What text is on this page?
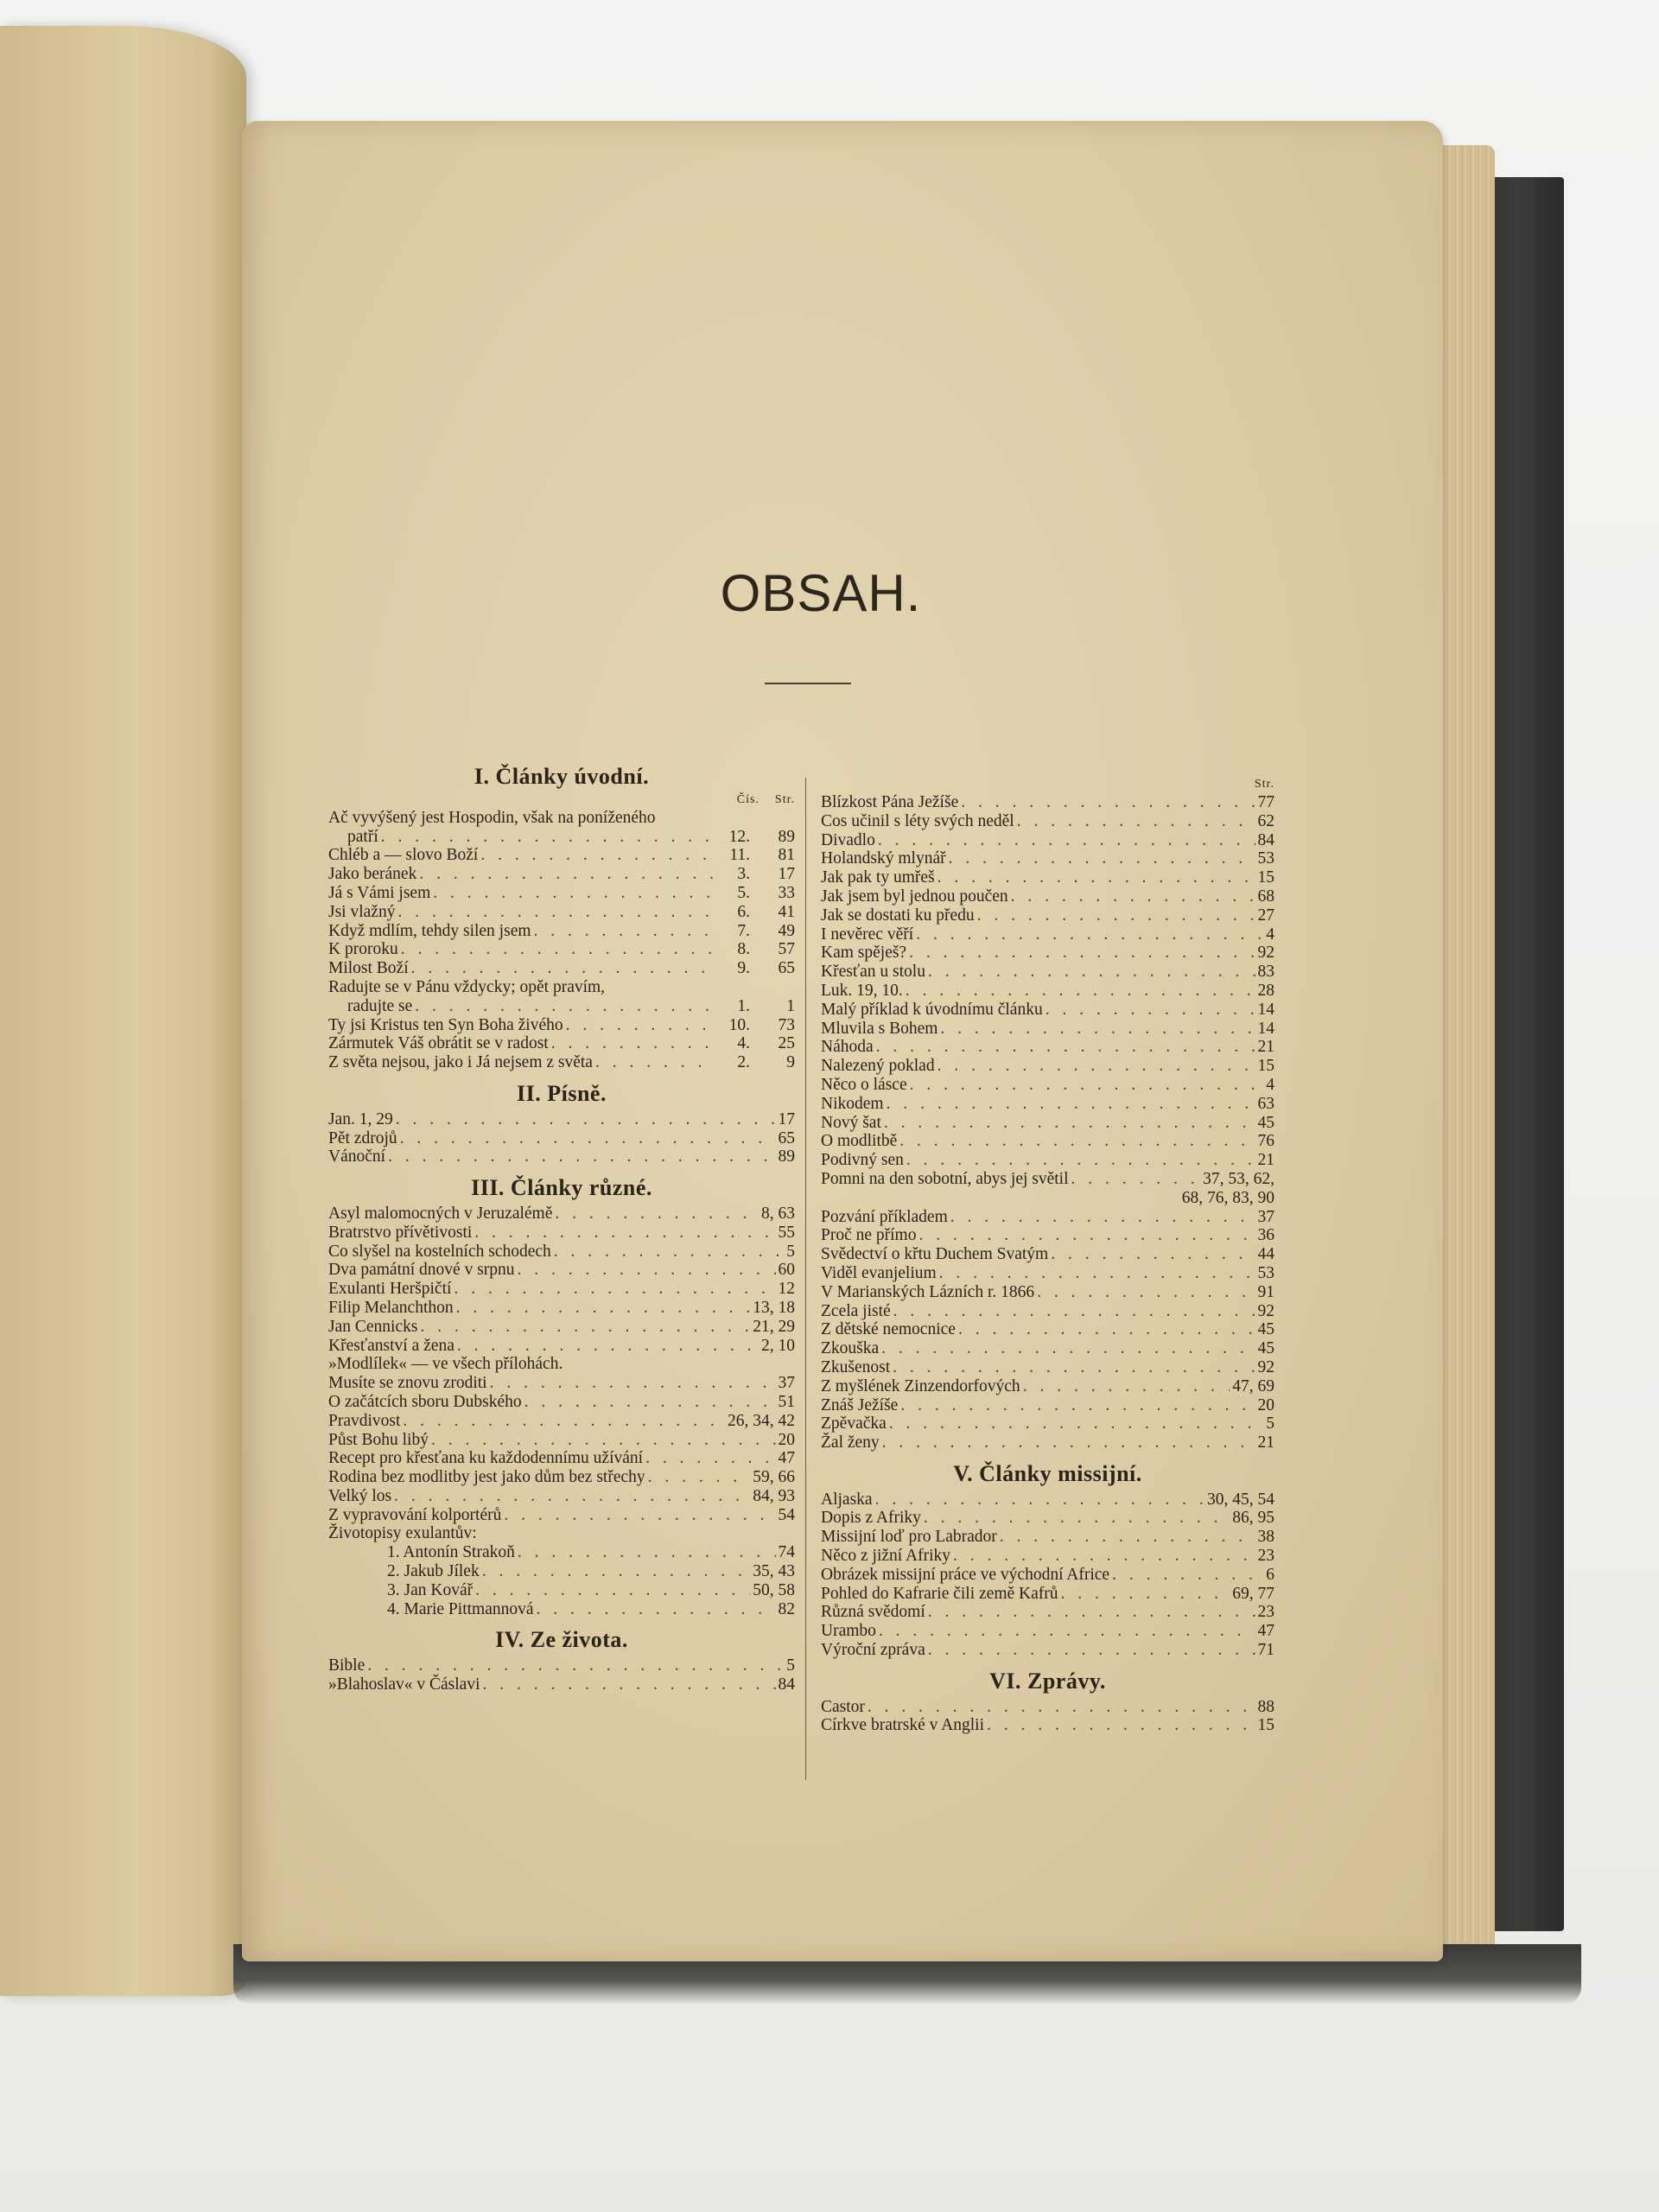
OBSAH.
I. Články úvodní.
Čís. Str.
Ač vyvýšený jest Hospodin, však na poníženého
patří . . .	12.	89
Chléb a — slovo Boží . . .	11.	81
Jako beránek . . .	3.	17
Já s Vámi jsem . . .	5.	33
Jsi vlažný . . .	6.	41
Když mdlím, tehdy silen jsem . . .	7.	49
K proroku . . .	8.	57
Milost Boží . . .	9.	65
Radujte se v Pánu vždycky; opět pravím,
radujte se . . .	1.	1
Ty jsi Kristus ten Syn Boha živého . . .	10.	73
Zármutek Váš obrátit se v radost . . .	4.	25
Z světa nejsou, jako i Já nejsem z světa . . .	2.	9
II. Písně.
Jan. 1, 29 . . .	17
Pět zdrojů . . .	65
Vánoční . . .	89
III. Články různé.
Asyl malomocných v Jeruzalémě . . .	8, 63
Bratrstvo přívětivosti . . .	55
Co slyšel na kostelních schodech . . .	5
Dva památní dnové v srpnu . . .	60
Exulanti Heršpičtí . . .	12
Filip Melanchthon . . .	13, 18
Jan Cennicks . . .	21, 29
Křesťanství a žena . . .	2, 10
»Modlílek« — ve všech přílohách.
Musíte se znovu zroditi . . .	37
O začátcích sboru Dubského . . .	51
Pravdivost . . .	26, 34, 42
Půst Bohu libý . . .	20
Recept pro křesťana ku každodennímu užívání . . .	47
Rodina bez modlitby jest jako dům bez střechy . . .	59, 66
Velký los . . .	84, 93
Z vypravování kolportérů . . .	54
Životopisy exulantův:
1. Antonín Strakoň . . .	74
2. Jakub Jílek . . .	35, 43
3. Jan Kovář . . .	50, 58
4. Marie Pittmannová . . .	82
IV. Ze života.
Bible . . .	5
»Blahoslav« v Čáslavi . . .	84
Str.
Blízkost Pána Ježíše . . .	77
Cos učinil s léty svých neděl . . .	62
Divadlo . . .	84
Holandský mlynář . . .	53
Jak pak ty umřeš . . .	15
Jak jsem byl jednou poučen . . .	68
Jak se dostati ku předu . . .	27
I nevěrec věří . . .	4
Kam spěješ? . . .	92
Křesťan u stolu . . .	83
Luk. 19, 10. . . .	28
Malý příklad k úvodnímu článku . . .	14
Mluvila s Bohem . . .	14
Náhoda . . .	21
Nalezený poklad . . .	15
Něco o lásce . . .	4
Nikodem . . .	63
Nový šat . . .	45
O modlitbě . . .	76
Podivný sen . . .	21
Pomni na den sobotní, abys jej světil . . .	37, 53, 62,
68, 76, 83, 90
Pozvání příkladem . . .	37
Proč ne přímo . . .	36
Svědectví o křtu Duchem Svatým . . .	44
Viděl evanjelium . . .	53
V Marianských Lázních r. 1866 . . .	91
Zcela jisté . . .	92
Z dětské nemocnice . . .	45
Zkouška . . .	45
Zkušenost . . .	92
Z myšlének Zinzendorfových . . .	47, 69
Znáš Ježíše . . .	20
Zpěvačka . . .	5
Žal ženy . . .	21
V. Články missijní.
Aljaska . . .	30, 45, 54
Dopis z Afriky . . .	86, 95
Missijní loď pro Labrador . . .	38
Něco z jižní Afriky . . .	23
Obrázek missijní práce ve východní Africe . . .	6
Pohled do Kafrarie čili země Kafrů . . .	69, 77
Různá svědomí . . .	23
Urambo . . .	47
Výroční zpráva . . .	71
VI. Zprávy.
Castor . . .	88
Církve bratrské v Anglii . . .	15
